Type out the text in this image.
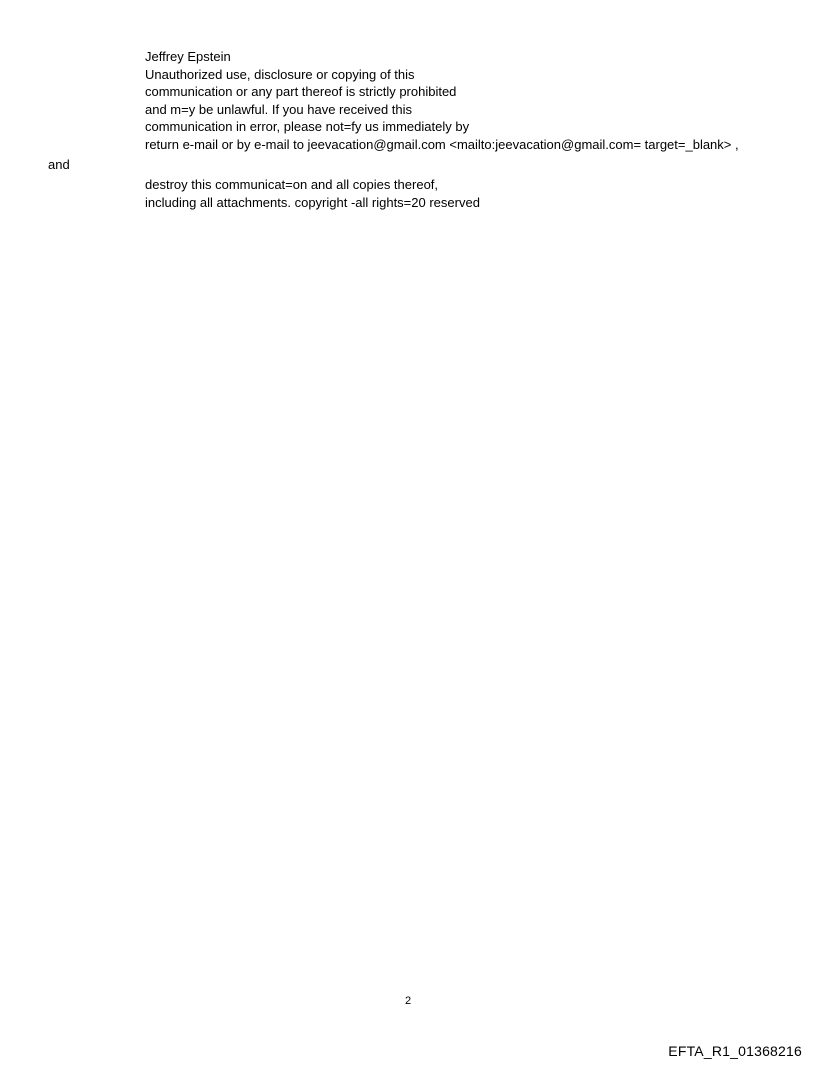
Jeffrey Epstein
Unauthorized use, disclosure or copying of this
communication or any part thereof is strictly prohibited
and m=y be unlawful. If you have received this
communication in error, please not=fy us immediately by
return e-mail or by e-mail to jeevacation@gmail.com <mailto:jeevacation@gmail.com= target=_blank> ,
and
destroy this communicat=on and all copies thereof,
including all attachments. copyright -all rights=20 reserved
2
EFTA_R1_01368216
